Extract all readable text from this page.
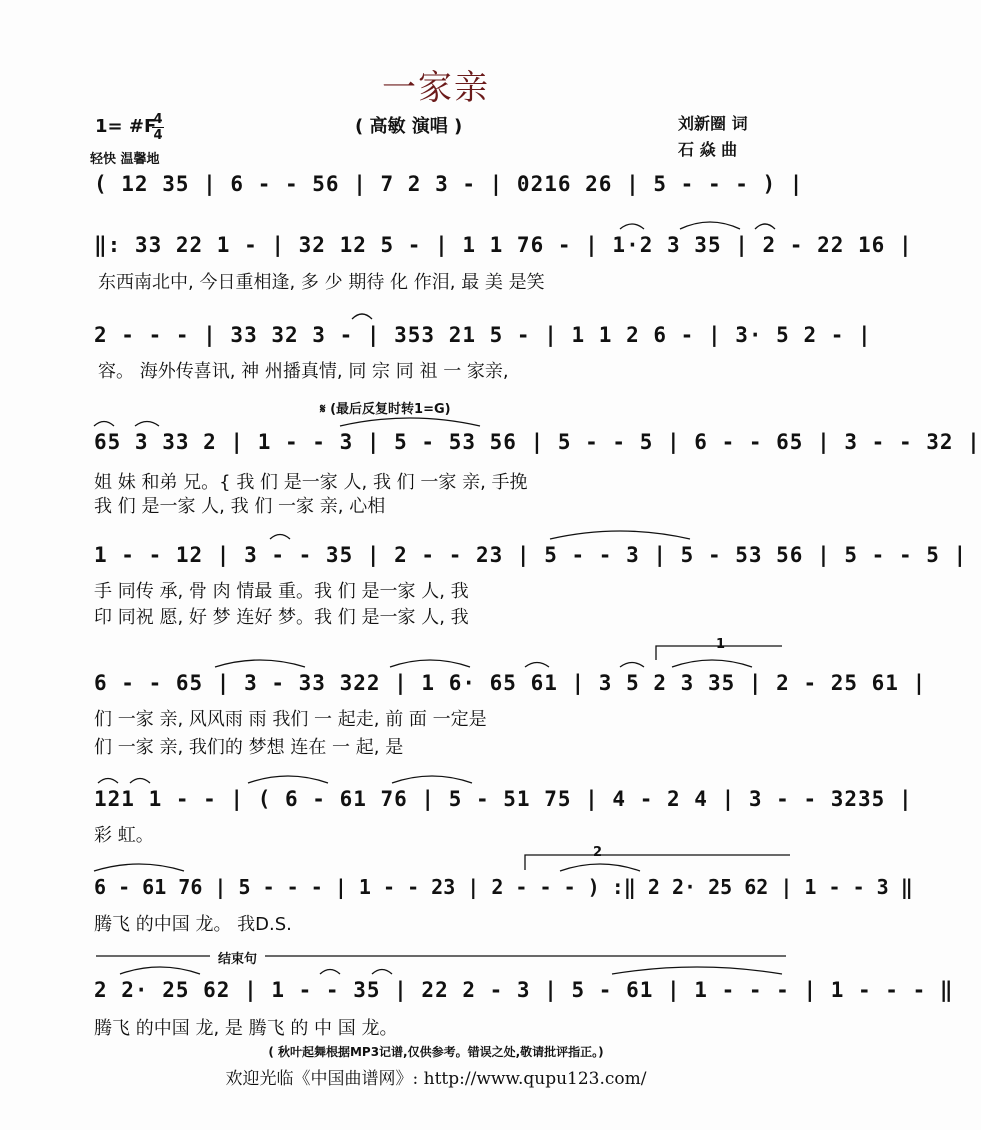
一家亲
( 高敏 演唱 )	刘新圈 词
石 焱 曲
1= #F
4
4
轻快 温馨地
( 12 35 | 6 - - 56 | 7 2 3 - | 0216 26 | 5 - - - ) |
‖: 33 22 1 - | 32 12 5 - | 1 1 76 - | 1·2 3 35 | 2 - 22 16 |
东西南北中, 今日重相逢, 多 少 期待 化 作泪, 最 美 是笑
2 - - - | 33 32 3 - | 353 21 5 - | 1 1 2 6 - | 3· 5 2 - |
容。 海外传喜讯, 神 州播真情, 同 宗 同 祖 一 家亲,
𝄋 (最后反复时转1=G)
65 3 33 2 | 1 - - 3 | 5 - 53 56 | 5 - - 5 | 6 - - 65 | 3 - - 32 |
姐 妹 和弟 兄。{ 我 们 是一家 人, 我 们 一家 亲, 手挽
我 们 是一家 人, 我 们 一家 亲, 心相
1 - - 12 | 3 - - 35 | 2 - - 23 | 5 - - 3 | 5 - 53 56 | 5 - - 5 |
手 同传 承, 骨 肉 情最 重。我 们 是一家 人, 我
印 同祝 愿, 好 梦 连好 梦。我 们 是一家 人, 我
1
6 - - 65 | 3 - 33 322 | 1 6· 65 61 | 3 5 2 3 35 | 2 - 25 61 |
们 一家 亲, 风风雨 雨 我们 一 起走, 前 面 一定是
们 一家 亲, 我们的 梦想 连在 一 起, 是
121 1 - - | ( 6 - 61 76 | 5 - 51 75 | 4 - 2 4 | 3 - - 3235 |
彩 虹。
2
6 - 61 76 | 5 - - - | 1 - - 23 | 2 - - - ) :‖ 2 2· 25 62 | 1 - - 3 ‖
腾飞 的中国 龙。 我D.S.
结束句
2 2· 25 62 | 1 - - 35 | 22 2 - 3 | 5 - 61 | 1 - - - | 1 - - - ‖
腾飞 的中国 龙, 是 腾飞 的 中 国 龙。
( 秋叶起舞根据MP3记谱,仅供参考。错误之处,敬请批评指正。)
欢迎光临《中国曲谱网》: http://www.qupu123.com/
